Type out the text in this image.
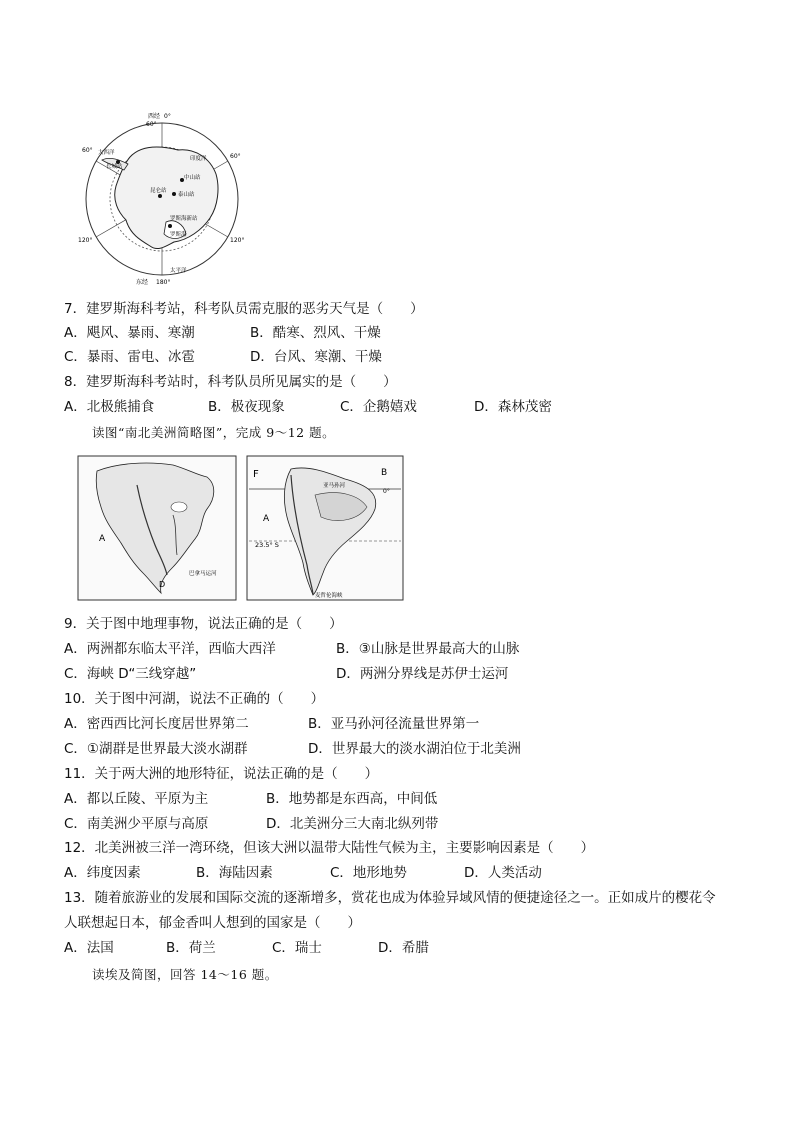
西经 0°
60°
60°
60°
120°	120°
180°
东经
大西洋
长城站
中山站
泰山站
昆仑站
罗斯海新站
罗斯海
印度洋
太平洋
7．建罗斯海科考站，科考队员需克服的恶劣天气是（　　）
A．飓风、暴雨、寒潮	B．酷寒、烈风、干燥
C．暴雨、雷电、冰雹	D．台风、寒潮、干燥
8．建罗斯海科考站时，科考队员所见属实的是（　　）
A．北极熊捕食	B．极夜现象	C．企鹅嬉戏	D．森林茂密
读图“南北美洲简略图”，完成 9～12 题。
A
D
巴拿马运河
F	B
0°
A
23.5° S
亚马孙河
麦哲伦海峡
9．关于图中地理事物，说法正确的是（　　）
A．两洲都东临太平洋，西临大西洋	B．③山脉是世界最高大的山脉
C．海峡 D“三线穿越”	D．两洲分界线是苏伊士运河
10．关于图中河湖，说法不正确的（　　）
A．密西西比河长度居世界第二	B．亚马孙河径流量世界第一
C．①湖群是世界最大淡水湖群	D．世界最大的淡水湖泊位于北美洲
11．关于两大洲的地形特征，说法正确的是（　　）
A．都以丘陵、平原为主	B．地势都是东西高，中间低
C．南美洲少平原与高原	D．北美洲分三大南北纵列带
12．北美洲被三洋一湾环绕，但该大洲以温带大陆性气候为主，主要影响因素是（　　）
A．纬度因素	B．海陆因素	C．地形地势	D．人类活动
13．随着旅游业的发展和国际交流的逐渐增多，赏花也成为体验异域风情的便捷途径之一。正如成片的樱花令
人联想起日本，郁金香叫人想到的国家是（　　）
A．法国	B．荷兰	C．瑞士	D．希腊
读埃及简图，回答 14～16 题。
